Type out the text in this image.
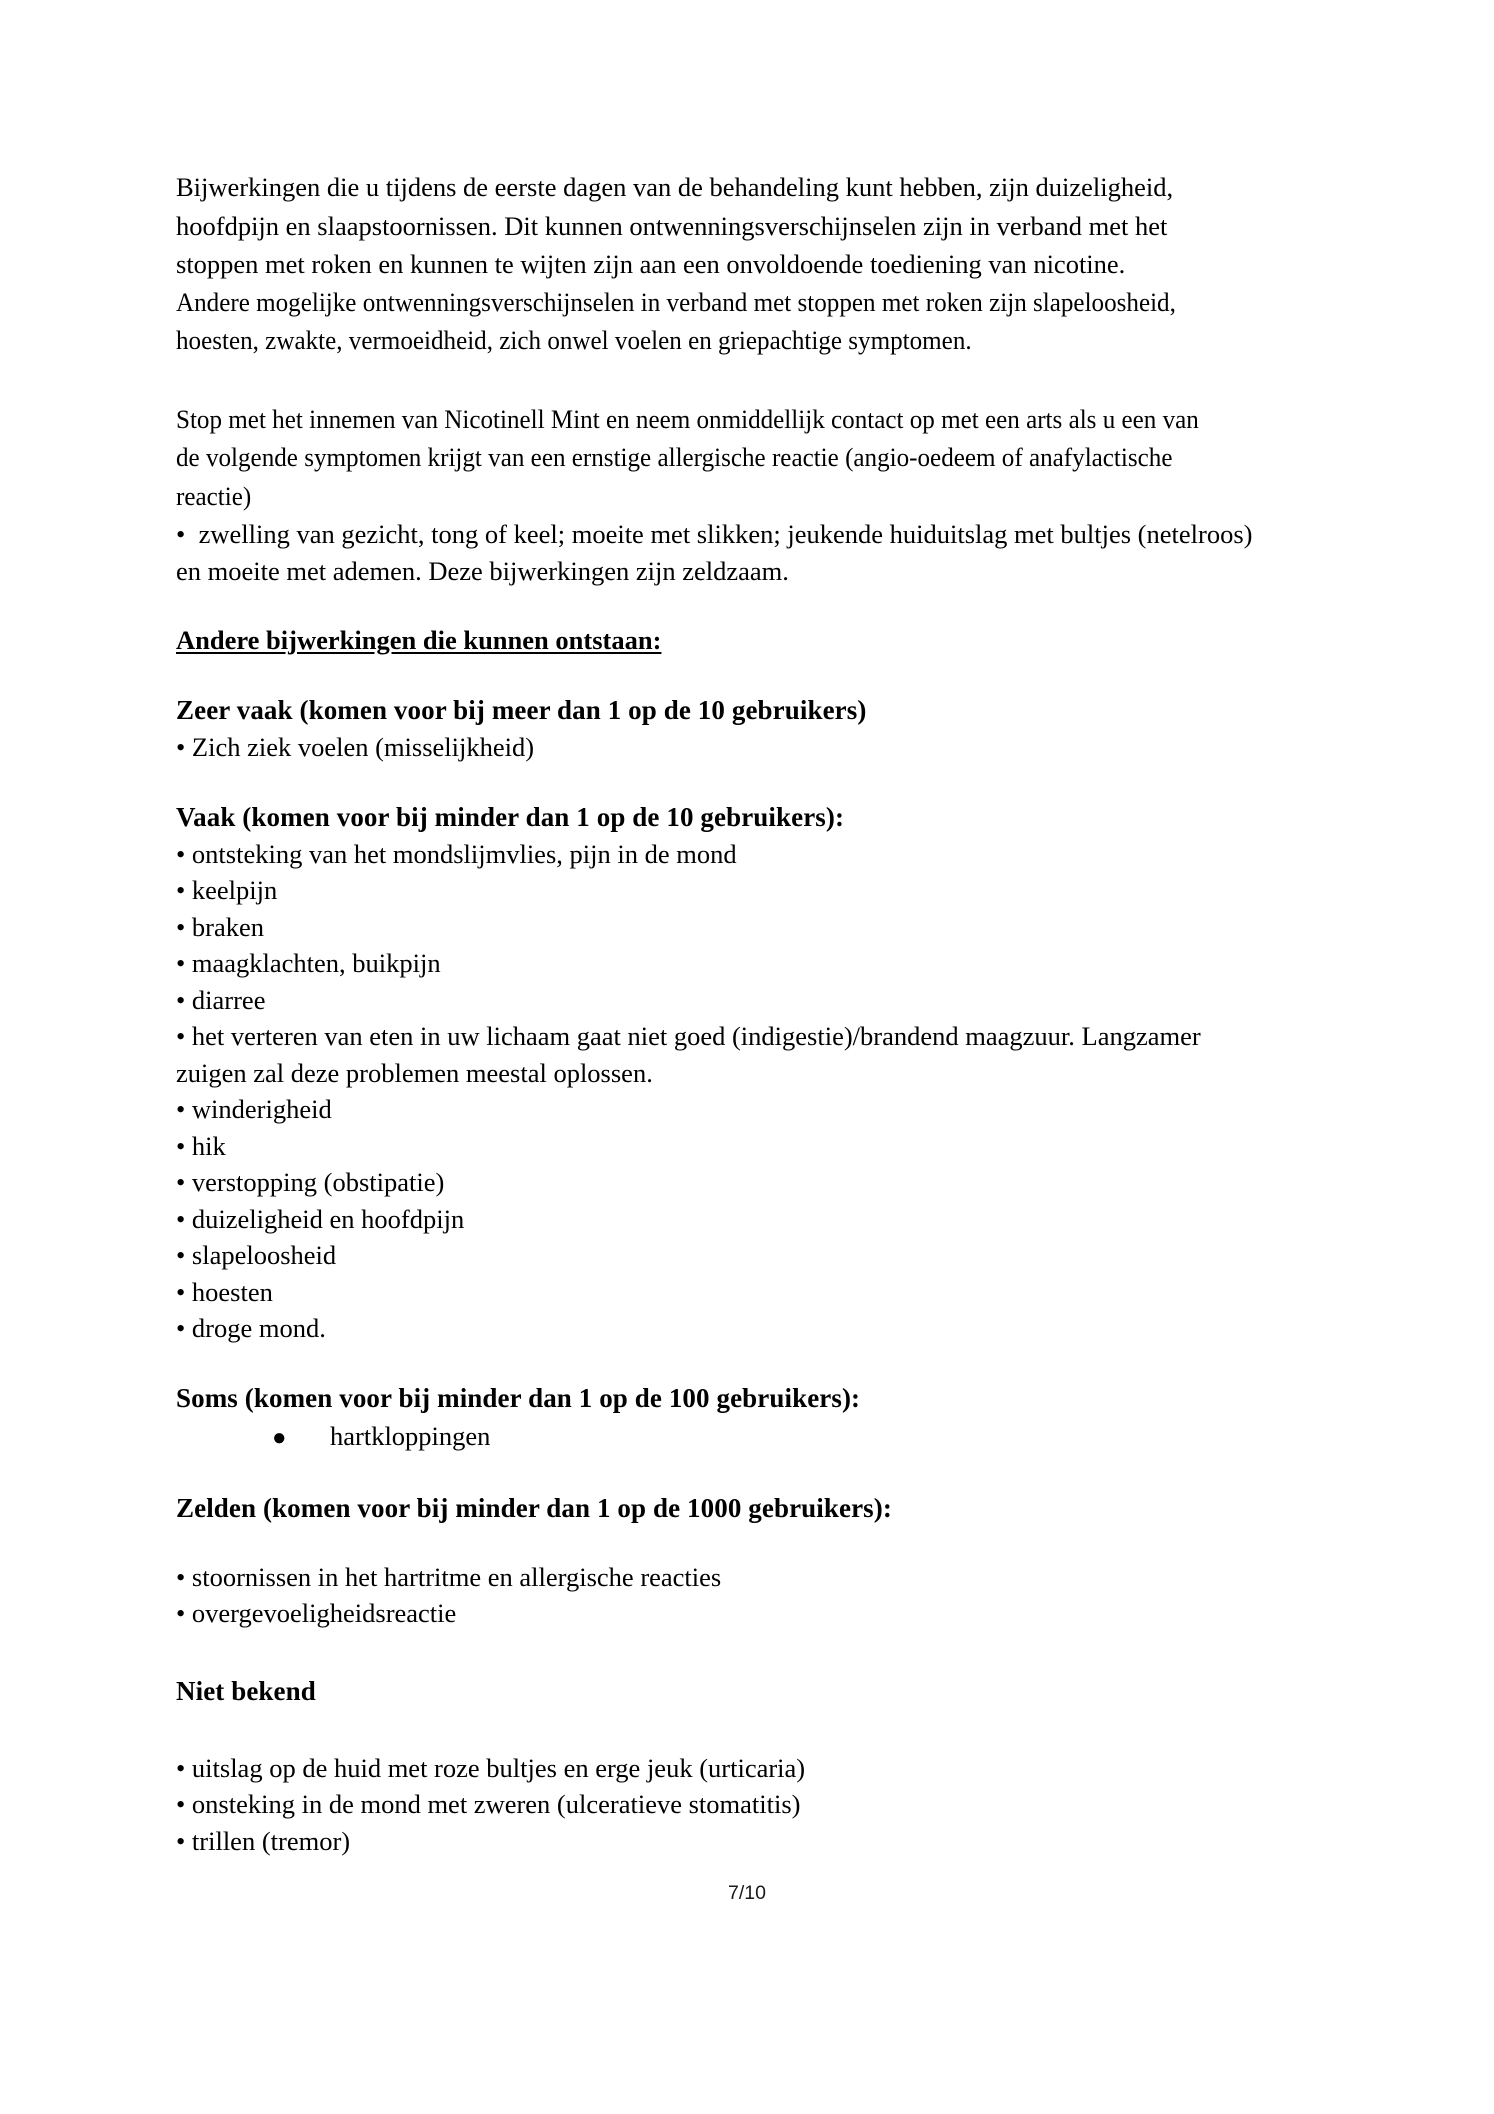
Bijwerkingen die u tijdens de eerste dagen van de behandeling kunt hebben, zijn duizeligheid,

hoofdpijn en slaapstoornissen. Dit kunnen ontwenningsverschijnselen zijn in verband met het

stoppen met roken en kunnen te wijten zijn aan een onvoldoende toediening van nicotine.

Andere mogelijke ontwenningsverschijnselen in verband met stoppen met roken zijn slapeloosheid,

hoesten, zwakte, vermoeidheid, zich onwel voelen en griepachtige symptomen.

Stop met het innemen van Nicotinell Mint en neem onmiddellijk contact op met een arts als u een van

de volgende symptomen krijgt van een ernstige allergische reactie (angio-oedeem of anafylactische

reactie)

• zwelling van gezicht, tong of keel; moeite met slikken; jeukende huiduitslag met bultjes (netelroos)

en moeite met ademen. Deze bijwerkingen zijn zeldzaam.

Andere bijwerkingen die kunnen ontstaan:

Zeer vaak (komen voor bij meer dan 1 op de 10 gebruikers)

• Zich ziek voelen (misselijkheid)

Vaak (komen voor bij minder dan 1 op de 10 gebruikers):

• ontsteking van het mondslijmvlies, pijn in de mond

• keelpijn

• braken

• maagklachten, buikpijn

• diarree

• het verteren van eten in uw lichaam gaat niet goed (indigestie)/brandend maagzuur. Langzamer

zuigen zal deze problemen meestal oplossen.

• winderigheid

• hik

• verstopping (obstipatie)

• duizeligheid en hoofdpijn

• slapeloosheid

• hoesten

• droge mond.

Soms (komen voor bij minder dan 1 op de 100 gebruikers):

● hartkloppingen

Zelden (komen voor bij minder dan 1 op de 1000 gebruikers):

• stoornissen in het hartritme en allergische reacties

• overgevoeligheidsreactie

Niet bekend

• uitslag op de huid met roze bultjes en erge jeuk (urticaria)

• onsteking in de mond met zweren (ulceratieve stomatitis)

• trillen (tremor)

7/10
